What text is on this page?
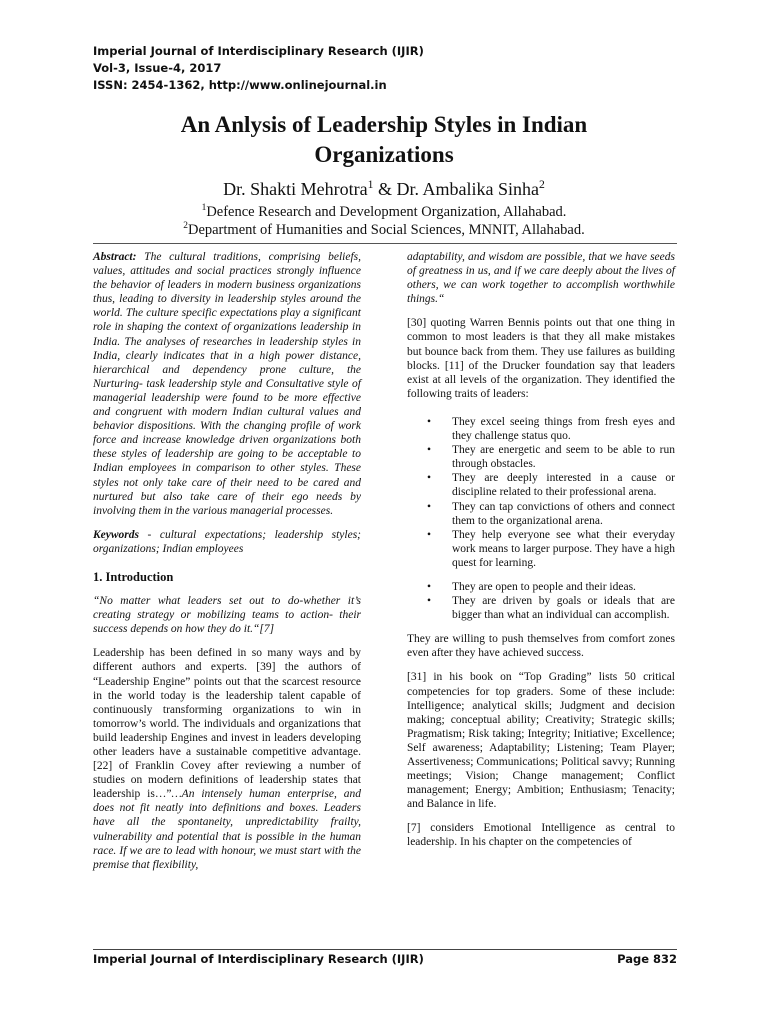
Imperial Journal of Interdisciplinary Research (IJIR)
Vol-3, Issue-4, 2017
ISSN: 2454-1362, http://www.onlinejournal.in
An Anlysis of Leadership Styles in Indian
Organizations
Dr. Shakti Mehrotra$^1$ & Dr. Ambalika Sinha$^2$
$^1$Defence Research and Development Organization, Allahabad.
$^2$Department of Humanities and Social Sciences, MNNIT, Allahabad.

Abstract: The cultural traditions, comprising beliefs, values, attitudes and social practices strongly influence the behavior of leaders in modern business organizations thus, leading to diversity in leadership styles around the world. The culture specific expectations play a significant role in shaping the context of organizations leadership in India. The analyses of researches in leadership styles in India, clearly indicates that in a high power distance, hierarchical and dependency prone culture, the Nurturing- task leadership style and Consultative style of managerial leadership were found to be more effective and congruent with modern Indian cultural values and behavior dispositions. With the changing profile of work force and increase knowledge driven organizations both these styles of leadership are going to be acceptable to Indian employees in comparison to other styles. These styles not only take care of their need to be cared and nurtured but also take care of their ego needs by involving them in the various managerial processes.

Keywords - cultural expectations; leadership styles; organizations; Indian employees

1. Introduction

“No matter what leaders set out to do-whether it’s creating strategy or mobilizing teams to action- their success depends on how they do it.“[7]

Leadership has been defined in so many ways and by different authors and experts. [39] the authors of “Leadership Engine” points out that the scarcest resource in the world today is the leadership talent capable of continuously transforming organizations to win in tomorrow’s world. The individuals and organizations that build leadership Engines and invest in leaders developing other leaders have a sustainable competitive advantage. [22] of Franklin Covey after reviewing a number of studies on modern definitions of leadership states that leadership is…”…An intensely human enterprise, and does not fit neatly into definitions and boxes. Leaders have all the spontaneity, unpredictability frailty, vulnerability and potential that is possible in the human race. If we are to lead with honour, we must start with the premise that flexibility,

adaptability, and wisdom are possible, that we have seeds of greatness in us, and if we care deeply about the lives of others, we can work together to accomplish worthwhile things.“

[30] quoting Warren Bennis points out that one thing in common to most leaders is that they all make mistakes but bounce back from them. They use failures as building blocks. [11] of the Drucker foundation say that leaders exist at all levels of the organization. They identified the following traits of leaders:

• They excel seeing things from fresh eyes and they challenge status quo.
• They are energetic and seem to be able to run through obstacles.
• They are deeply interested in a cause or discipline related to their professional arena.
• They can tap convictions of others and connect them to the organizational arena.
• They help everyone see what their everyday work means to larger purpose. They have a high quest for learning.
• They are open to people and their ideas.
• They are driven by goals or ideals that are bigger than what an individual can accomplish.

They are willing to push themselves from comfort zones even after they have achieved success.

[31] in his book on “Top Grading” lists 50 critical competencies for top graders. Some of these include: Intelligence; analytical skills; Judgment and decision making; conceptual ability; Creativity; Strategic skills; Pragmatism; Risk taking; Integrity; Initiative; Excellence; Self awareness; Adaptability; Listening; Team Player; Assertiveness; Communications; Political savvy; Running meetings; Vision; Change management; Conflict management; Energy; Ambition; Enthusiasm; Tenacity; and Balance in life.

[7] considers Emotional Intelligence as central to leadership. In his chapter on the competencies of

Imperial Journal of Interdisciplinary Research (IJIR)	Page 832
